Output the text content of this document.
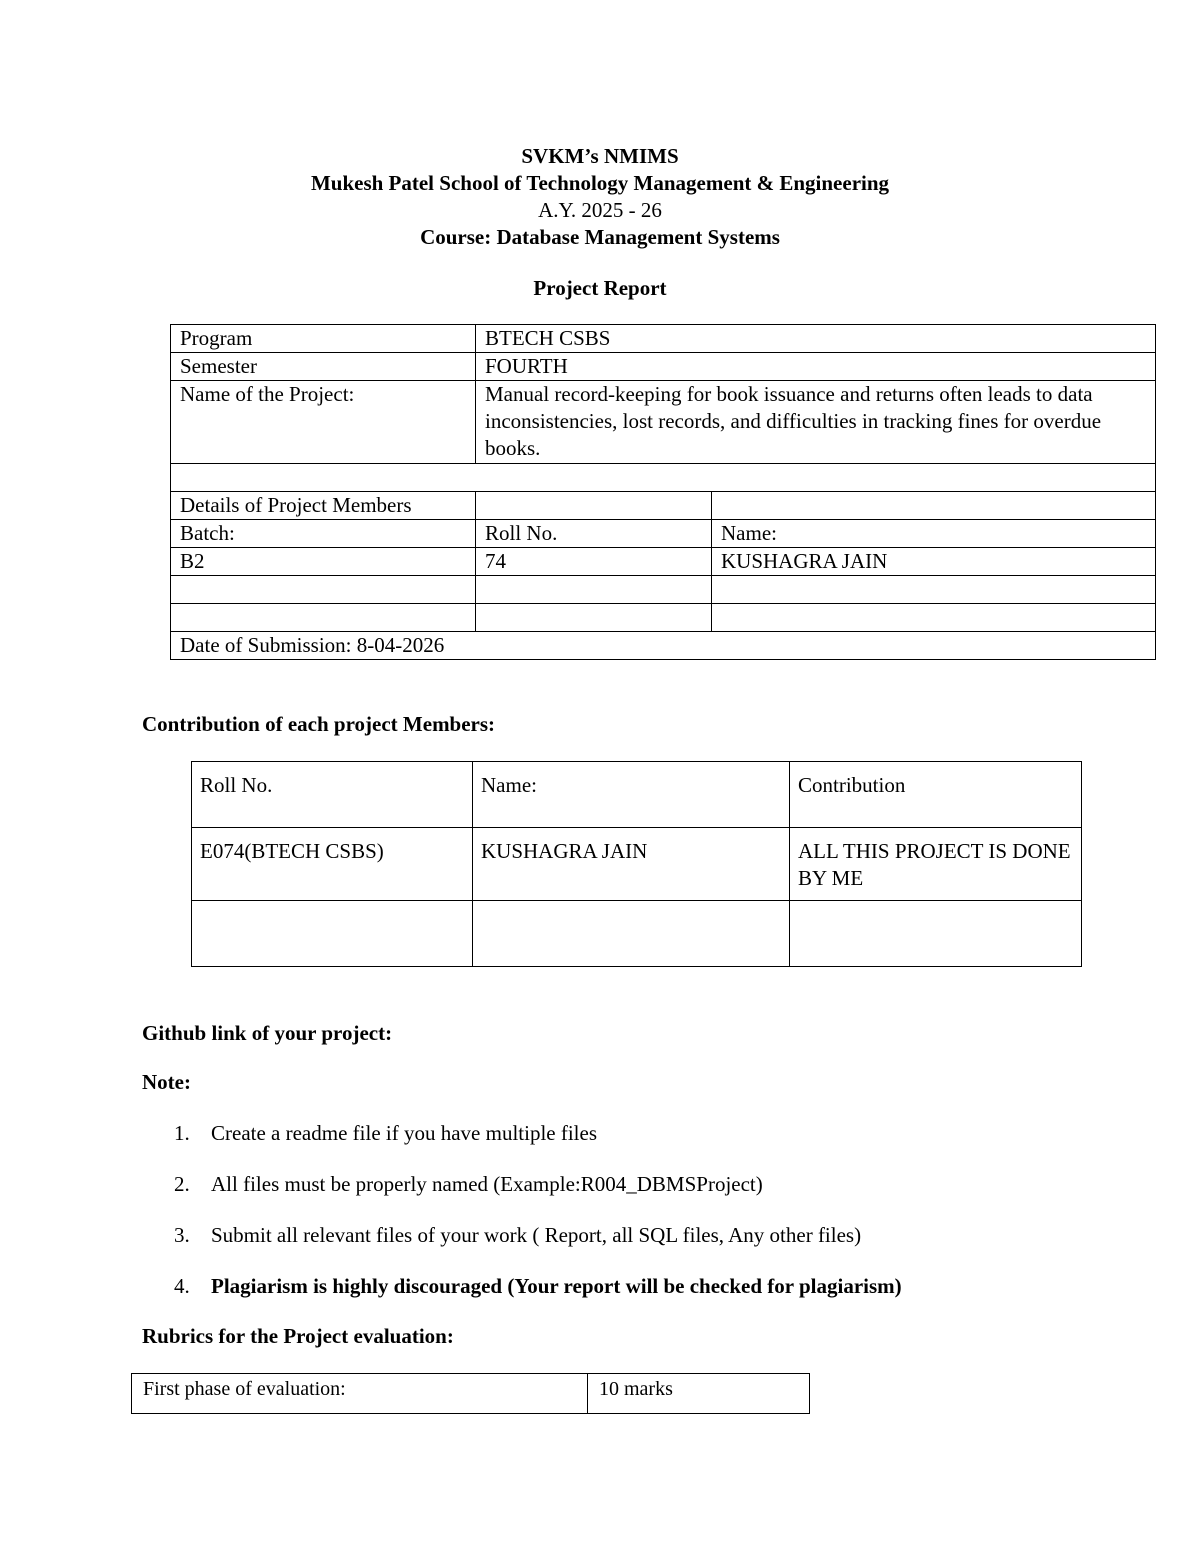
SVKM’s NMIMS
Mukesh Patel School of Technology Management & Engineering
A.Y. 2025 - 26
Course: Database Management Systems
Project Report
Program	BTECH CSBS	
Semester	FOURTH	
Name of the Project:	Manual record-keeping for book issuance and returns often leads to data inconsistencies, lost records, and difficulties in tracking fines for overdue books.	

Details of Project Members		
Batch:	Roll No.	Name:
B2	74	KUSHAGRA JAIN

Date of Submission: 8-04-2026		
Contribution of each project Members:
Roll No.	Name:	Contribution
E074(BTECH CSBS)	KUSHAGRA JAIN	ALL THIS PROJECT IS DONE BY ME

Github link of your project:
Note:
1. Create a readme file if you have multiple files
2. All files must be properly named (Example:R004_DBMSProject)
3. Submit all relevant files of your work ( Report, all SQL files, Any other files)
4. Plagiarism is highly discouraged (Your report will be checked for plagiarism)
Rubrics for the Project evaluation:
First phase of evaluation:	10 marks
